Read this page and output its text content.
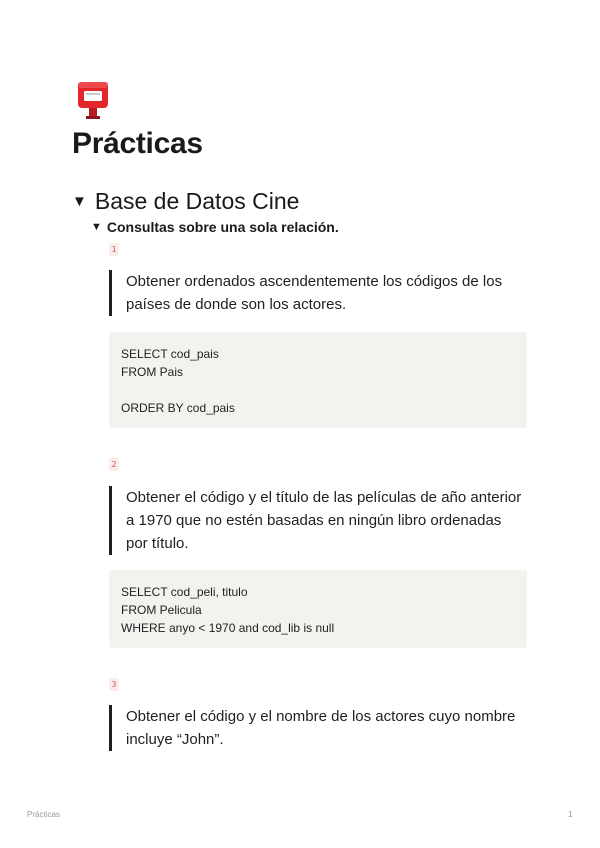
Prácticas
▼ Base de Datos Cine
▼ Consultas sobre una sola relación.
1
Obtener ordenados ascendentemente los códigos de los países de donde son los actores.
SELECT cod_pais
FROM Pais
ORDER BY cod_pais
2
Obtener el código y el título de las películas de año anterior a 1970 que no estén basadas en ningún libro ordenadas por título.
SELECT cod_peli, titulo
FROM Pelicula
WHERE anyo < 1970 and cod_lib is null
3
Obtener el código y el nombre de los actores cuyo nombre incluye “John”.
Prácticas	1
